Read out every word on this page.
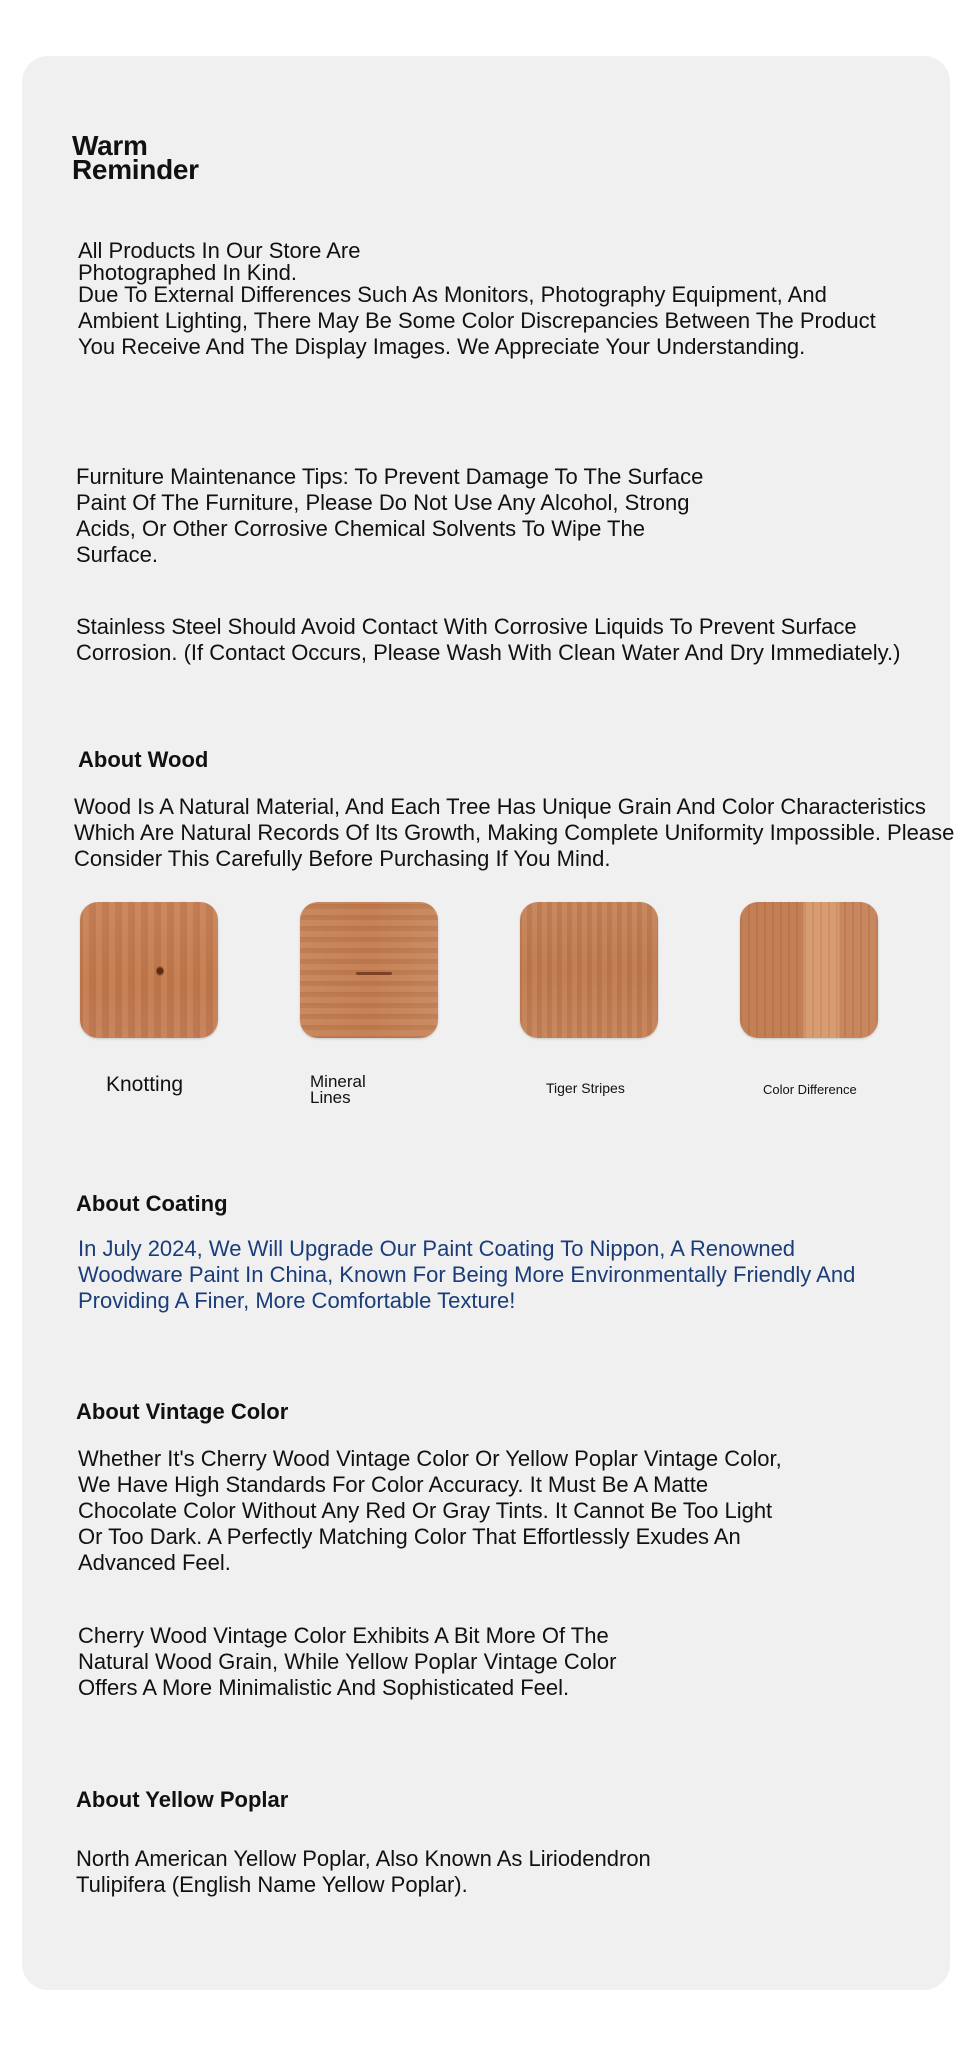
Warm Reminder

All Products In Our Store Are Photographed In Kind.

Due To External Differences Such As Monitors, Photography Equipment, And Ambient Lighting, There May Be Some Color Discrepancies Between The Product You Receive And The Display Images. We Appreciate Your Understanding.

Furniture Maintenance Tips: To Prevent Damage To The Surface Paint Of The Furniture, Please Do Not Use Any Alcohol, Strong Acids, Or Other Corrosive Chemical Solvents To Wipe The Surface.

Stainless Steel Should Avoid Contact With Corrosive Liquids To Prevent Surface Corrosion. (If Contact Occurs, Please Wash With Clean Water And Dry Immediately.)

About Wood

Wood Is A Natural Material, And Each Tree Has Unique Grain And Color Characteristics Which Are Natural Records Of Its Growth, Making Complete Uniformity Impossible. Please Consider This Carefully Before Purchasing If You Mind.

Knotting	Mineral Lines	Tiger Stripes	Color Difference
About Coating

In July 2024, We Will Upgrade Our Paint Coating To Nippon, A Renowned Woodware Paint In China, Known For Being More Environmentally Friendly And Providing A Finer, More Comfortable Texture!

About Vintage Color

Whether It's Cherry Wood Vintage Color Or Yellow Poplar Vintage Color, We Have High Standards For Color Accuracy. It Must Be A Matte Chocolate Color Without Any Red Or Gray Tints. It Cannot Be Too Light Or Too Dark. A Perfectly Matching Color That Effortlessly Exudes An Advanced Feel.

Cherry Wood Vintage Color Exhibits A Bit More Of The Natural Wood Grain, While Yellow Poplar Vintage Color Offers A More Minimalistic And Sophisticated Feel.

About Yellow Poplar

North American Yellow Poplar, Also Known As Liriodendron Tulipifera (English Name Yellow Poplar).
